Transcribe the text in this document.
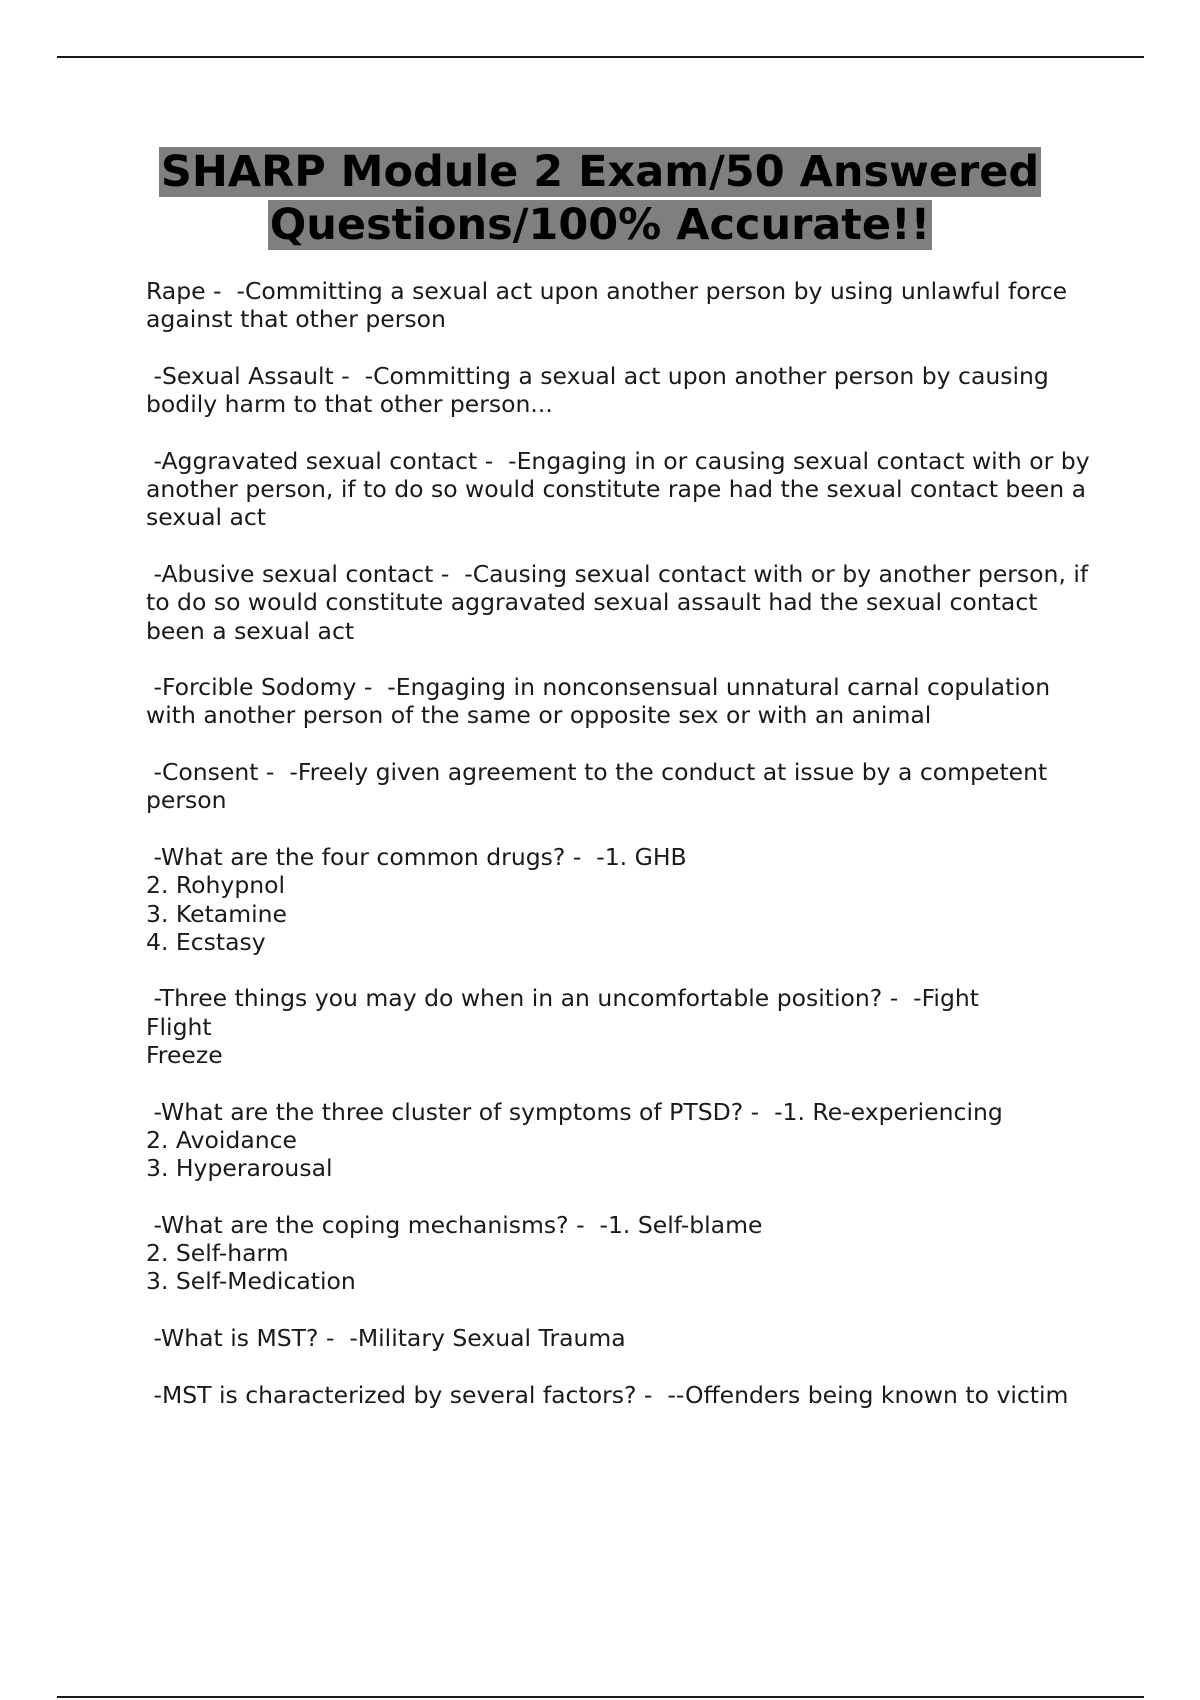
SHARP Module 2 Exam/50 Answered Questions/100% Accurate!!

Rape -  -Committing a sexual act upon another person by using unlawful force against that other person

-Sexual Assault -  -Committing a sexual act upon another person by causing bodily harm to that other person...

-Aggravated sexual contact -  -Engaging in or causing sexual contact with or by another person, if to do so would constitute rape had the sexual contact been a sexual act

-Abusive sexual contact -  -Causing sexual contact with or by another person, if to do so would constitute aggravated sexual assault had the sexual contact been a sexual act

-Forcible Sodomy -  -Engaging in nonconsensual unnatural carnal copulation with another person of the same or opposite sex or with an animal

-Consent -  -Freely given agreement to the conduct at issue by a competent person

-What are the four common drugs? -  -1. GHB
2. Rohypnol
3. Ketamine
4. Ecstasy

-Three things you may do when in an uncomfortable position? -  -Fight
Flight
Freeze

-What are the three cluster of symptoms of PTSD? -  -1. Re-experiencing
2. Avoidance
3. Hyperarousal

-What are the coping mechanisms? -  -1. Self-blame
2. Self-harm
3. Self-Medication

-What is MST? -  -Military Sexual Trauma

-MST is characterized by several factors? -  --Offenders being known to victim
